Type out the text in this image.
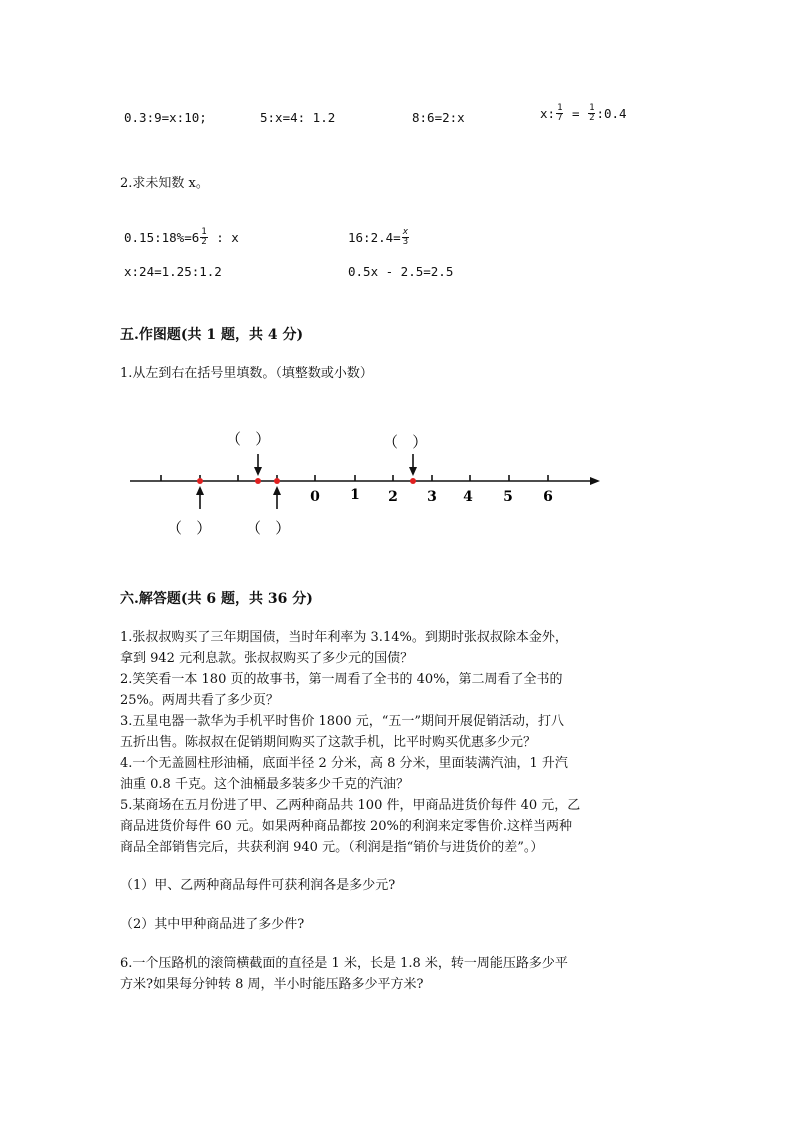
0.3:9=x:10;	5:x=4: 1.2	8:6=2:x	x: $\frac{1}{7} = \frac{1}{2}$ :0.4
2.求未知数 x。
0.15:18%=6 $\frac{1}{2}$ : x	16:2.4= $\frac{x}{3}$
x:24=1.25:1.2	0.5x - 2.5=2.5
五.作图题(共 1 题，共 4 分)
1.从左到右在括号里填数。（填整数或小数）
0 1 2 3 4 5 6
（   ）	（   ）
（   ） （   ）
六.解答题(共 6 题，共 36 分)
1.张叔叔购买了三年期国债，当时年利率为 3.14%。到期时张叔叔除本金外，
拿到 942 元利息款。张叔叔购买了多少元的国债？
2.笑笑看一本 180 页的故事书，第一周看了全书的 40%，第二周看了全书的
25%。两周共看了多少页？
3.五星电器一款华为手机平时售价 1800 元，“五一”期间开展促销活动，打八
五折出售。陈叔叔在促销期间购买了这款手机，比平时购买优惠多少元？
4.一个无盖圆柱形油桶，底面半径 2 分米，高 8 分米，里面装满汽油，1 升汽
油重 0.8 千克。这个油桶最多装多少千克的汽油？
5.某商场在五月份进了甲、乙两种商品共 100 件，甲商品进货价每件 40 元，乙
商品进货价每件 60 元。如果两种商品都按 20%的利润来定零售价.这样当两种
商品全部销售完后，共获利润 940 元。（利润是指“销价与进货价的差”。）
（1）甲、乙两种商品每件可获利润各是多少元?
（2）其中甲种商品进了多少件?
6.一个压路机的滚筒横截面的直径是 1 米，长是 1.8 米，转一周能压路多少平
方米?如果每分钟转 8 周，半小时能压路多少平方米?
